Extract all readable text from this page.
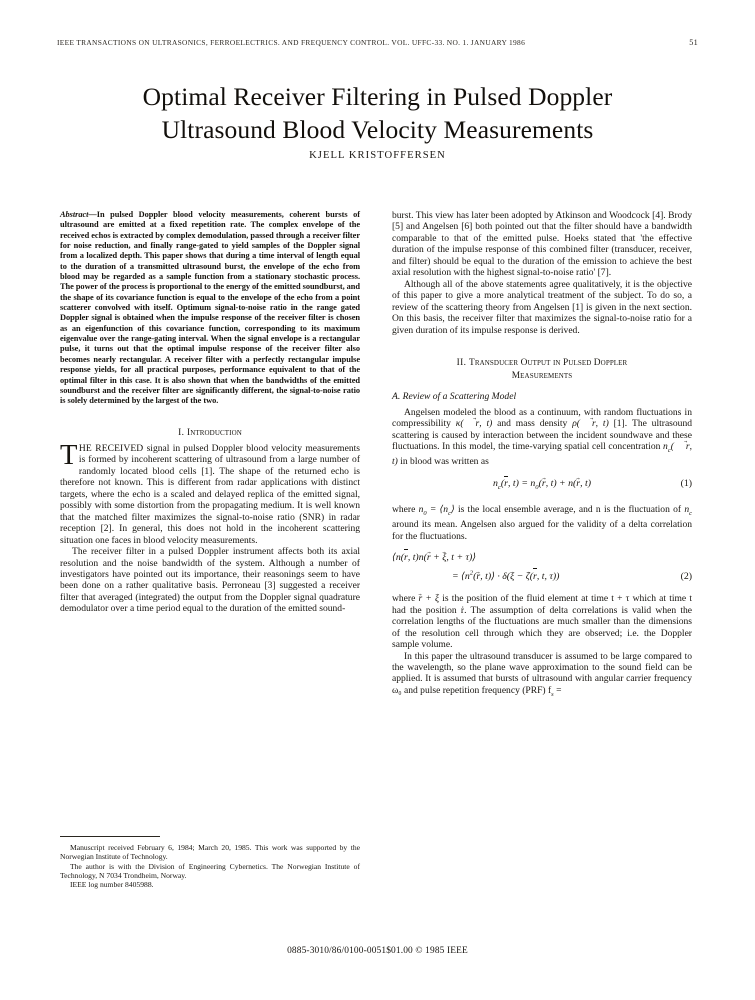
IEEE TRANSACTIONS ON ULTRASONICS, FERROELECTRICS. AND FREQUENCY CONTROL. VOL. UFFC-33. NO. 1. JANUARY 1986	51
Optimal Receiver Filtering in Pulsed Doppler
Ultrasound Blood Velocity Measurements
KJELL KRISTOFFERSEN
Abstract—In pulsed Doppler blood velocity measurements, coherent bursts of ultrasound are emitted at a fixed repetition rate. The complex envelope of the received echos is extracted by complex demodulation, passed through a receiver filter for noise reduction, and finally range-gated to yield samples of the Doppler signal from a localized depth. This paper shows that during a time interval of length equal to the duration of a transmitted ultrasound burst, the envelope of the echo from blood may be regarded as a sample function from a stationary stochastic process. The power of the process is proportional to the energy of the emitted soundburst, and the shape of its covariance function is equal to the envelope of the echo from a point scatterer convolved with itself. Optimum signal-to-noise ratio in the range gated Doppler signal is obtained when the impulse response of the receiver filter is chosen as an eigenfunction of this covariance function, corresponding to its maximum eigenvalue over the range-gating interval. When the signal envelope is a rectangular pulse, it turns out that the optimal impulse response of the receiver filter also becomes nearly rectangular. A receiver filter with a perfectly rectangular impulse response yields, for all practical purposes, performance equivalent to that of the optimal filter in this case. It is also shown that when the bandwidths of the emitted soundburst and the receiver filter are significantly different, the signal-to-noise ratio is solely determined by the largest of the two.
I. Introduction

THE RECEIVED signal in pulsed Doppler blood velocity measurements is formed by incoherent scattering of ultrasound from a large number of randomly located blood cells [1]. The shape of the returned echo is therefore not known. This is different from radar applications with distinct targets, where the echo is a scaled and delayed replica of the emitted signal, possibly with some distortion from the propagating medium. It is well known that the matched filter maximizes the signal-to-noise ratio (SNR) in radar reception [2]. In general, this does not hold in the incoherent scattering situation one faces in blood velocity measurements.

The receiver filter in a pulsed Doppler instrument affects both its axial resolution and the noise bandwidth of the system. Although a number of investigators have pointed out its importance, their reasonings seem to have been done on a rather qualitative basis. Perroneau [3] suggested a receiver filter that averaged (integrated) the output from the Doppler signal quadrature demodulator over a time period equal to the duration of the emitted sound-

burst. This view has later been adopted by Atkinson and Woodcock [4]. Brody [5] and Angelsen [6] both pointed out that the filter should have a bandwidth comparable to that of the emitted pulse. Hoeks stated that 'the effective duration of the impulse response of this combined filter (transducer, receiver, and filter) should be equal to the duration of the emission to achieve the best axial resolution with the highest signal-to-noise ratio' [7].

Although all of the above statements agree qualitatively, it is the objective of this paper to give a more analytical treatment of the subject. To do so, a review of the scattering theory from Angelsen [1] is given in the next section. On this basis, the receiver filter that maximizes the signal-to-noise ratio for a given duration of its impulse response is derived.

II. Transducer Output in Pulsed Doppler
Measurements
A. Review of a Scattering Model

Angelsen modeled the blood as a continuum, with random fluctuations in compressibility κ( r →, t) and mass density ρ( r →, t) [1]. The ultrasound scattering is caused by interaction between the incident soundwave and these fluctuations. In this model, the time-varying spatial cell concentration $n_c$( r →, t) in blood was written as

$n_c(r$, $t) = n_0(r$ →, t) + n(r →, t)	(1)

where $n_0$ = $⟨n_c⟩$ is the local ensemble average, and n is the fluctuation of $n_c$ around its mean. Angelsen also argued for the validity of a delta correlation for the fluctuations.

⟨n(r, t)n(r → + ξ →, t + τ)⟩
= $⟨n^2(r$ →, t)⟩ · δ(ξ → − ζ →(r, t, τ))	(2)

where r → + ξ → is the position of the fluid element at time t + τ which at time t had the position ṙ. The assumption of delta correlations is valid when the correlation lengths of the fluctuations are much smaller than the dimensions of the resolution cell through which they are observed; i.e. the Doppler sample volume.

In this paper the ultrasound transducer is assumed to be large compared to the wavelength, so the plane wave approximation to the sound field can be applied. It is assumed that bursts of ultrasound with angular carrier frequency ω₀ and pulse repetition frequency (PRF) $f_s$ =

Manuscript received February 6, 1984; March 20, 1985. This work was supported by the Norwegian Institute of Technology.

The author is with the Division of Engineering Cybernetics. The Norwegian Institute of Technology, N 7034 Trondheim, Norway.

IEEE log number 8405988.

0885-3010/86/0100-0051$01.00 © 1985 IEEE
